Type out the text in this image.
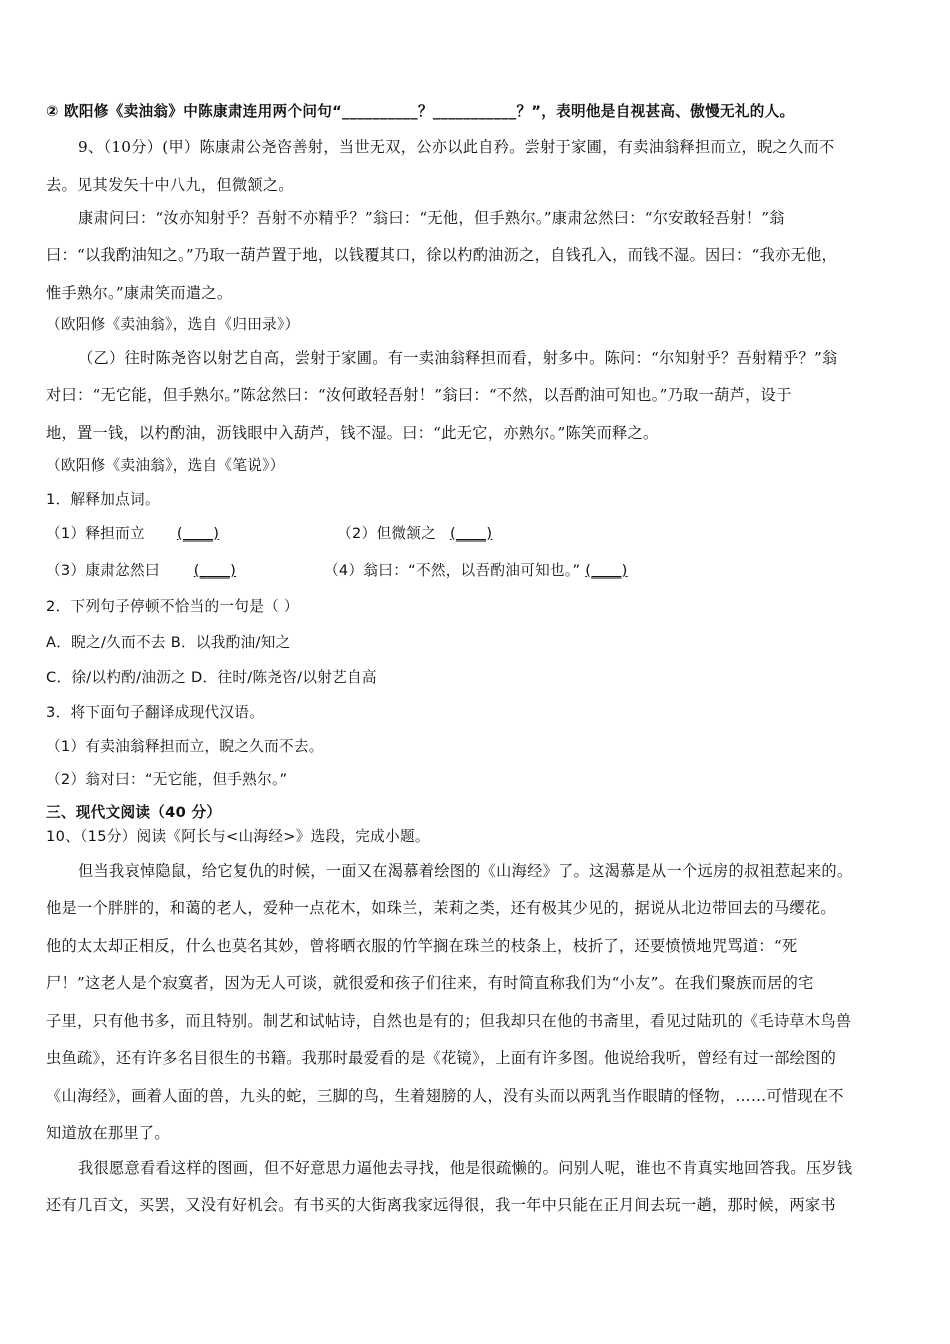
② 欧阳修《卖油翁》中陈康肃连用两个问句“__________？___________？”，表明他是自视甚高、傲慢无礼的人。
9、（10分）(甲）陈康肃公尧咨善射，当世无双，公亦以此自矜。尝射于家圃，有卖油翁释担而立，睨之久而不
去。见其发矢十中八九，但微颔之。
康肃问曰：“汝亦知射乎？吾射不亦精乎？”翁曰：“无他，但手熟尔。”康肃忿然曰：“尔安敢轻吾射！”翁
曰：“以我酌油知之。”乃取一葫芦置于地，以钱覆其口，徐以杓酌油沥之，自钱孔入，而钱不湿。因曰：“我亦无他，
惟手熟尔。”康肃笑而遣之。
（欧阳修《卖油翁》，选自《归田录》）
（乙）往时陈尧咨以射艺自高，尝射于家圃。有一卖油翁释担而看，射多中。陈问：“尔知射乎？吾射精乎？”翁
对曰：“无它能，但手熟尔。”陈忿然曰：“汝何敢轻吾射！”翁曰：“不然，以吾酌油可知也。”乃取一葫芦，设于
地，置一钱，以杓酌油，沥钱眼中入葫芦，钱不湿。曰：“此无它，亦熟尔。”陈笑而释之。
（欧阳修《卖油翁》，选自《笔说》）
1．解释加点词。
（1）释担而立 (____)	（2）但微颔之 (____)
（3）康肃忿然曰 (____)	（4）翁曰：“不然，以吾酌油可知也。” (____)
2．下列句子停顿不恰当的一句是（ ）
A．睨之/久而不去 B．以我酌油/知之
C．徐/以杓酌/油沥之 D．往时/陈尧咨/以射艺自高
3．将下面句子翻译成现代汉语。
（1）有卖油翁释担而立，睨之久而不去。
（2）翁对曰：“无它能，但手熟尔。”
三、现代文阅读（40 分）
10、（15分）阅读《阿长与<山海经>》选段，完成小题。
但当我哀悼隐鼠，给它复仇的时候，一面又在渴慕着绘图的《山海经》了。这渴慕是从一个远房的叔祖惹起来的。
他是一个胖胖的，和蔼的老人，爱种一点花木，如珠兰，茉莉之类，还有极其少见的，据说从北边带回去的马缨花。
他的太太却正相反，什么也莫名其妙，曾将晒衣服的竹竿搁在珠兰的枝条上，枝折了，还要愤愤地咒骂道：“死
尸！”这老人是个寂寞者，因为无人可谈，就很爱和孩子们往来，有时简直称我们为“小友”。在我们聚族而居的宅
子里，只有他书多，而且特别。制艺和试帖诗，自然也是有的；但我却只在他的书斋里，看见过陆玑的《毛诗草木鸟兽
虫鱼疏》，还有许多名目很生的书籍。我那时最爱看的是《花镜》，上面有许多图。他说给我听，曾经有过一部绘图的
《山海经》，画着人面的兽，九头的蛇，三脚的鸟，生着翅膀的人，没有头而以两乳当作眼睛的怪物，……可惜现在不
知道放在那里了。
我很愿意看看这样的图画，但不好意思力逼他去寻找，他是很疏懒的。问别人呢，谁也不肯真实地回答我。压岁钱
还有几百文，买罢，又没有好机会。有书买的大街离我家远得很，我一年中只能在正月间去玩一趟，那时候，两家书
